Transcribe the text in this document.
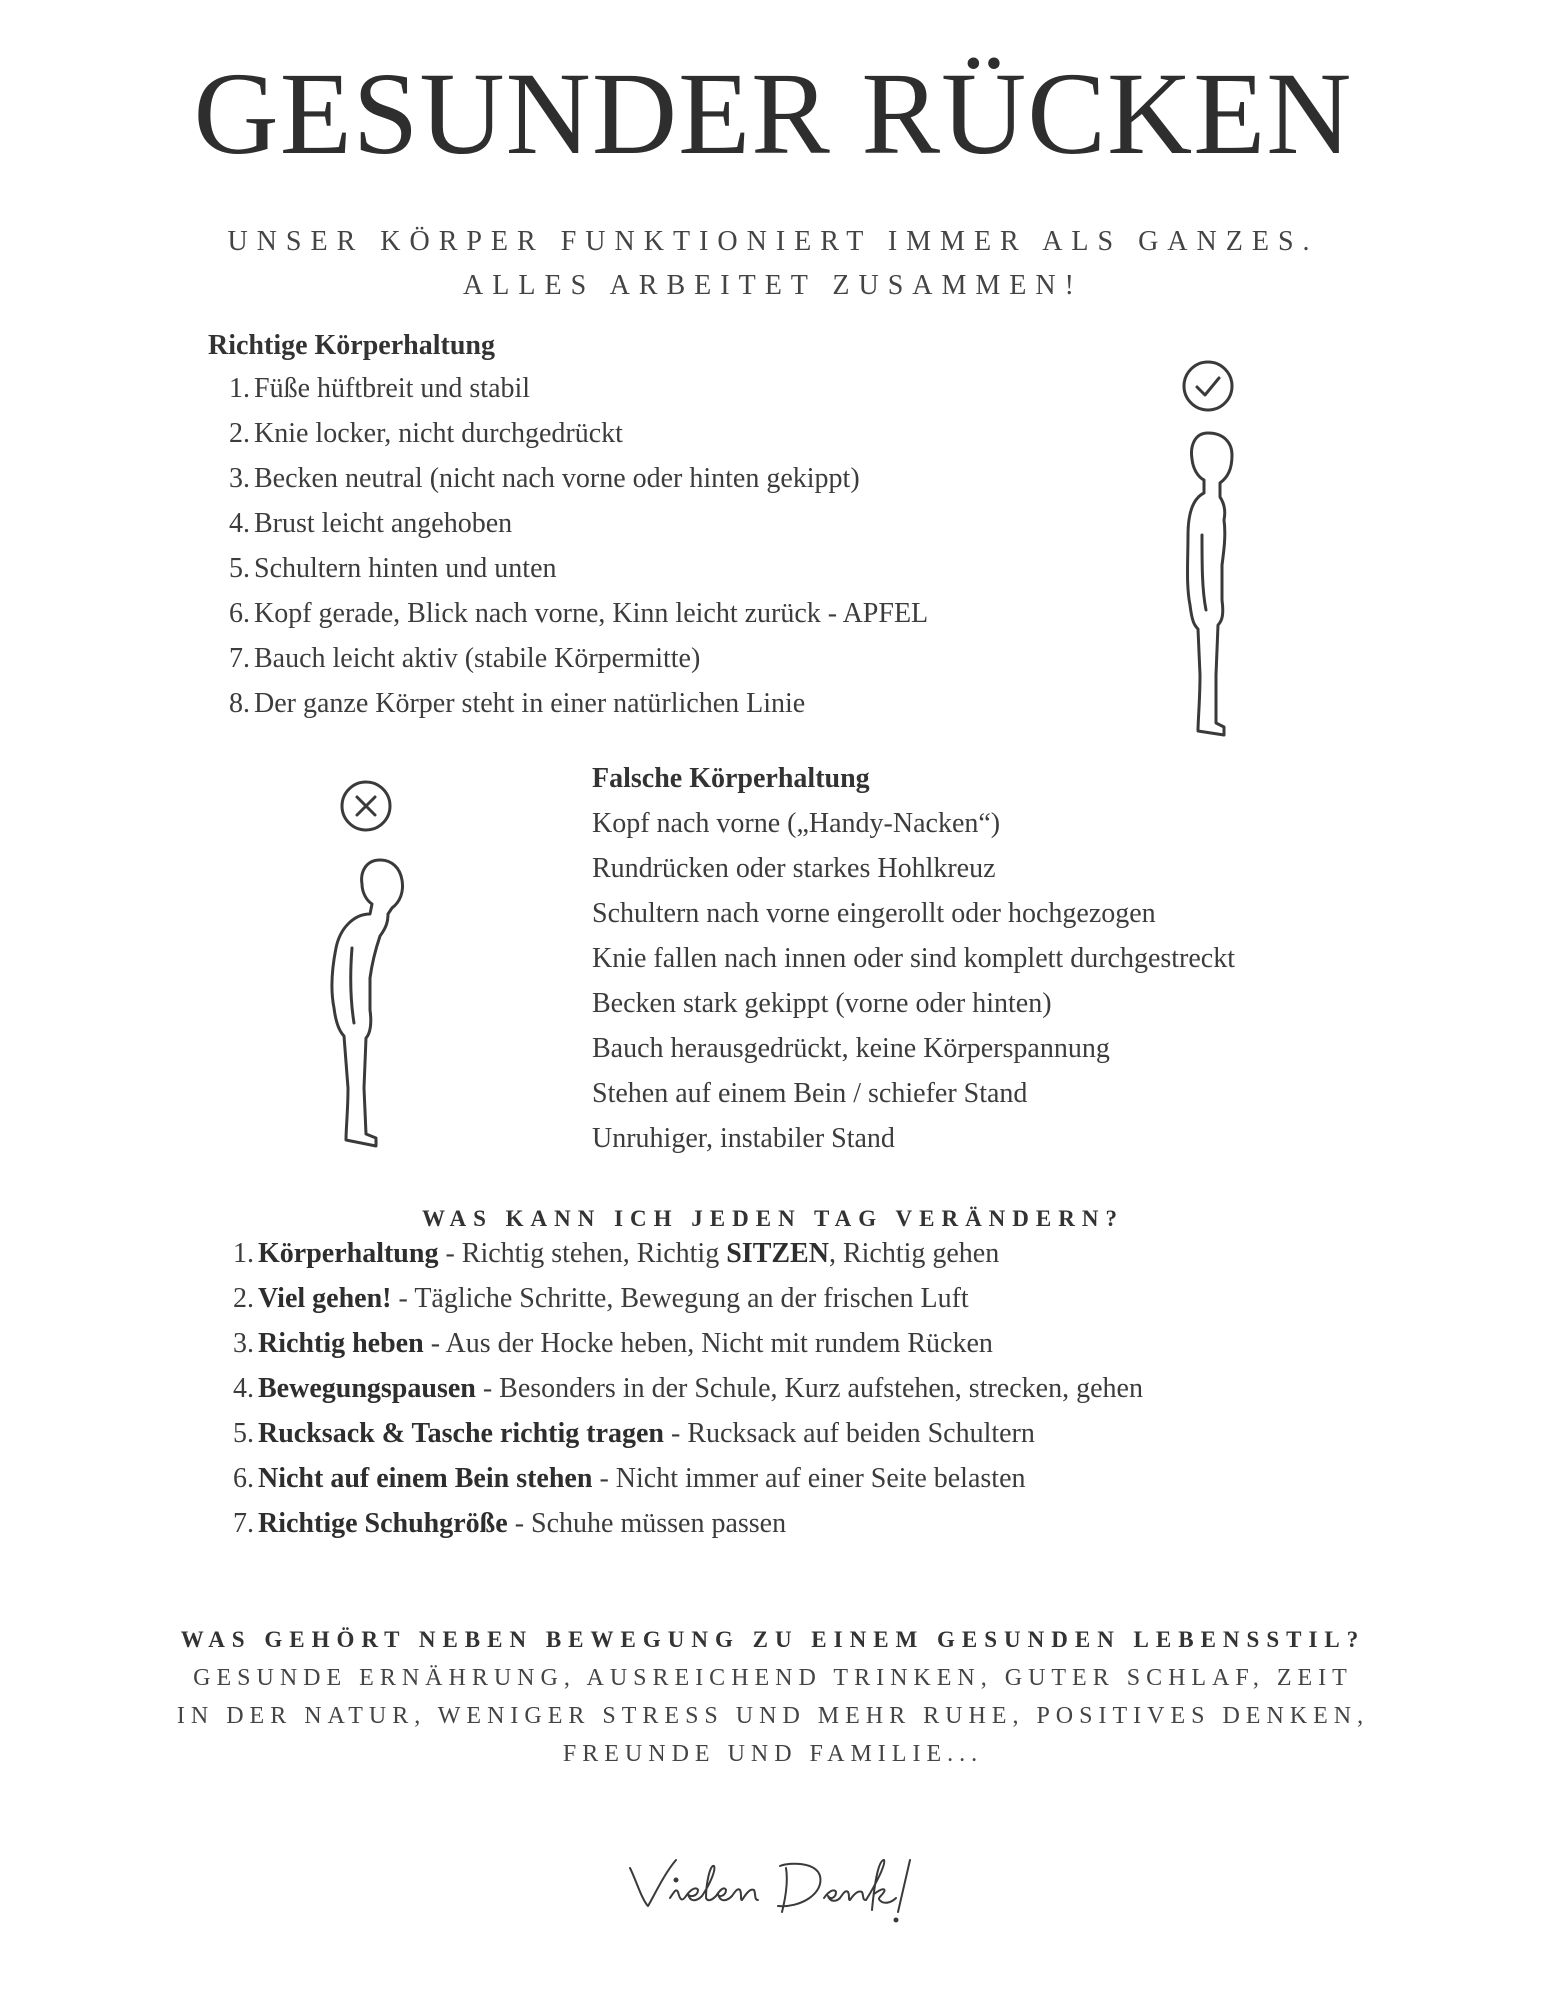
GESUNDER RÜCKEN
UNSER KÖRPER FUNKTIONIERT IMMER ALS GANZES.
ALLES ARBEITET ZUSAMMEN!
Richtige Körperhaltung
1. Füße hüftbreit und stabil
2. Knie locker, nicht durchgedrückt
3. Becken neutral (nicht nach vorne oder hinten gekippt)
4. Brust leicht angehoben
5. Schultern hinten und unten
6. Kopf gerade, Blick nach vorne, Kinn leicht zurück - APFEL
7. Bauch leicht aktiv (stabile Körpermitte)
8. Der ganze Körper steht in einer natürlichen Linie
Falsche Körperhaltung
Kopf nach vorne („Handy-Nacken“)
Rundrücken oder starkes Hohlkreuz
Schultern nach vorne eingerollt oder hochgezogen
Knie fallen nach innen oder sind komplett durchgestreckt
Becken stark gekippt (vorne oder hinten)
Bauch herausgedrückt, keine Körperspannung
Stehen auf einem Bein / schiefer Stand
Unruhiger, instabiler Stand
WAS KANN ICH JEDEN TAG VERÄNDERN?
1. Körperhaltung - Richtig stehen, Richtig SITZEN, Richtig gehen
2. Viel gehen! - Tägliche Schritte, Bewegung an der frischen Luft
3. Richtig heben - Aus der Hocke heben, Nicht mit rundem Rücken
4. Bewegungspausen - Besonders in der Schule, Kurz aufstehen, strecken, gehen
5. Rucksack & Tasche richtig tragen - Rucksack auf beiden Schultern
6. Nicht auf einem Bein stehen - Nicht immer auf einer Seite belasten
7. Richtige Schuhgröße - Schuhe müssen passen
WAS GEHÖRT NEBEN BEWEGUNG ZU EINEM GESUNDEN LEBENSSTIL?
GESUNDE ERNÄHRUNG, AUSREICHEND TRINKEN, GUTER SCHLAF, ZEIT
IN DER NATUR, WENIGER STRESS UND MEHR RUHE, POSITIVES DENKEN,
FREUNDE UND FAMILIE...
